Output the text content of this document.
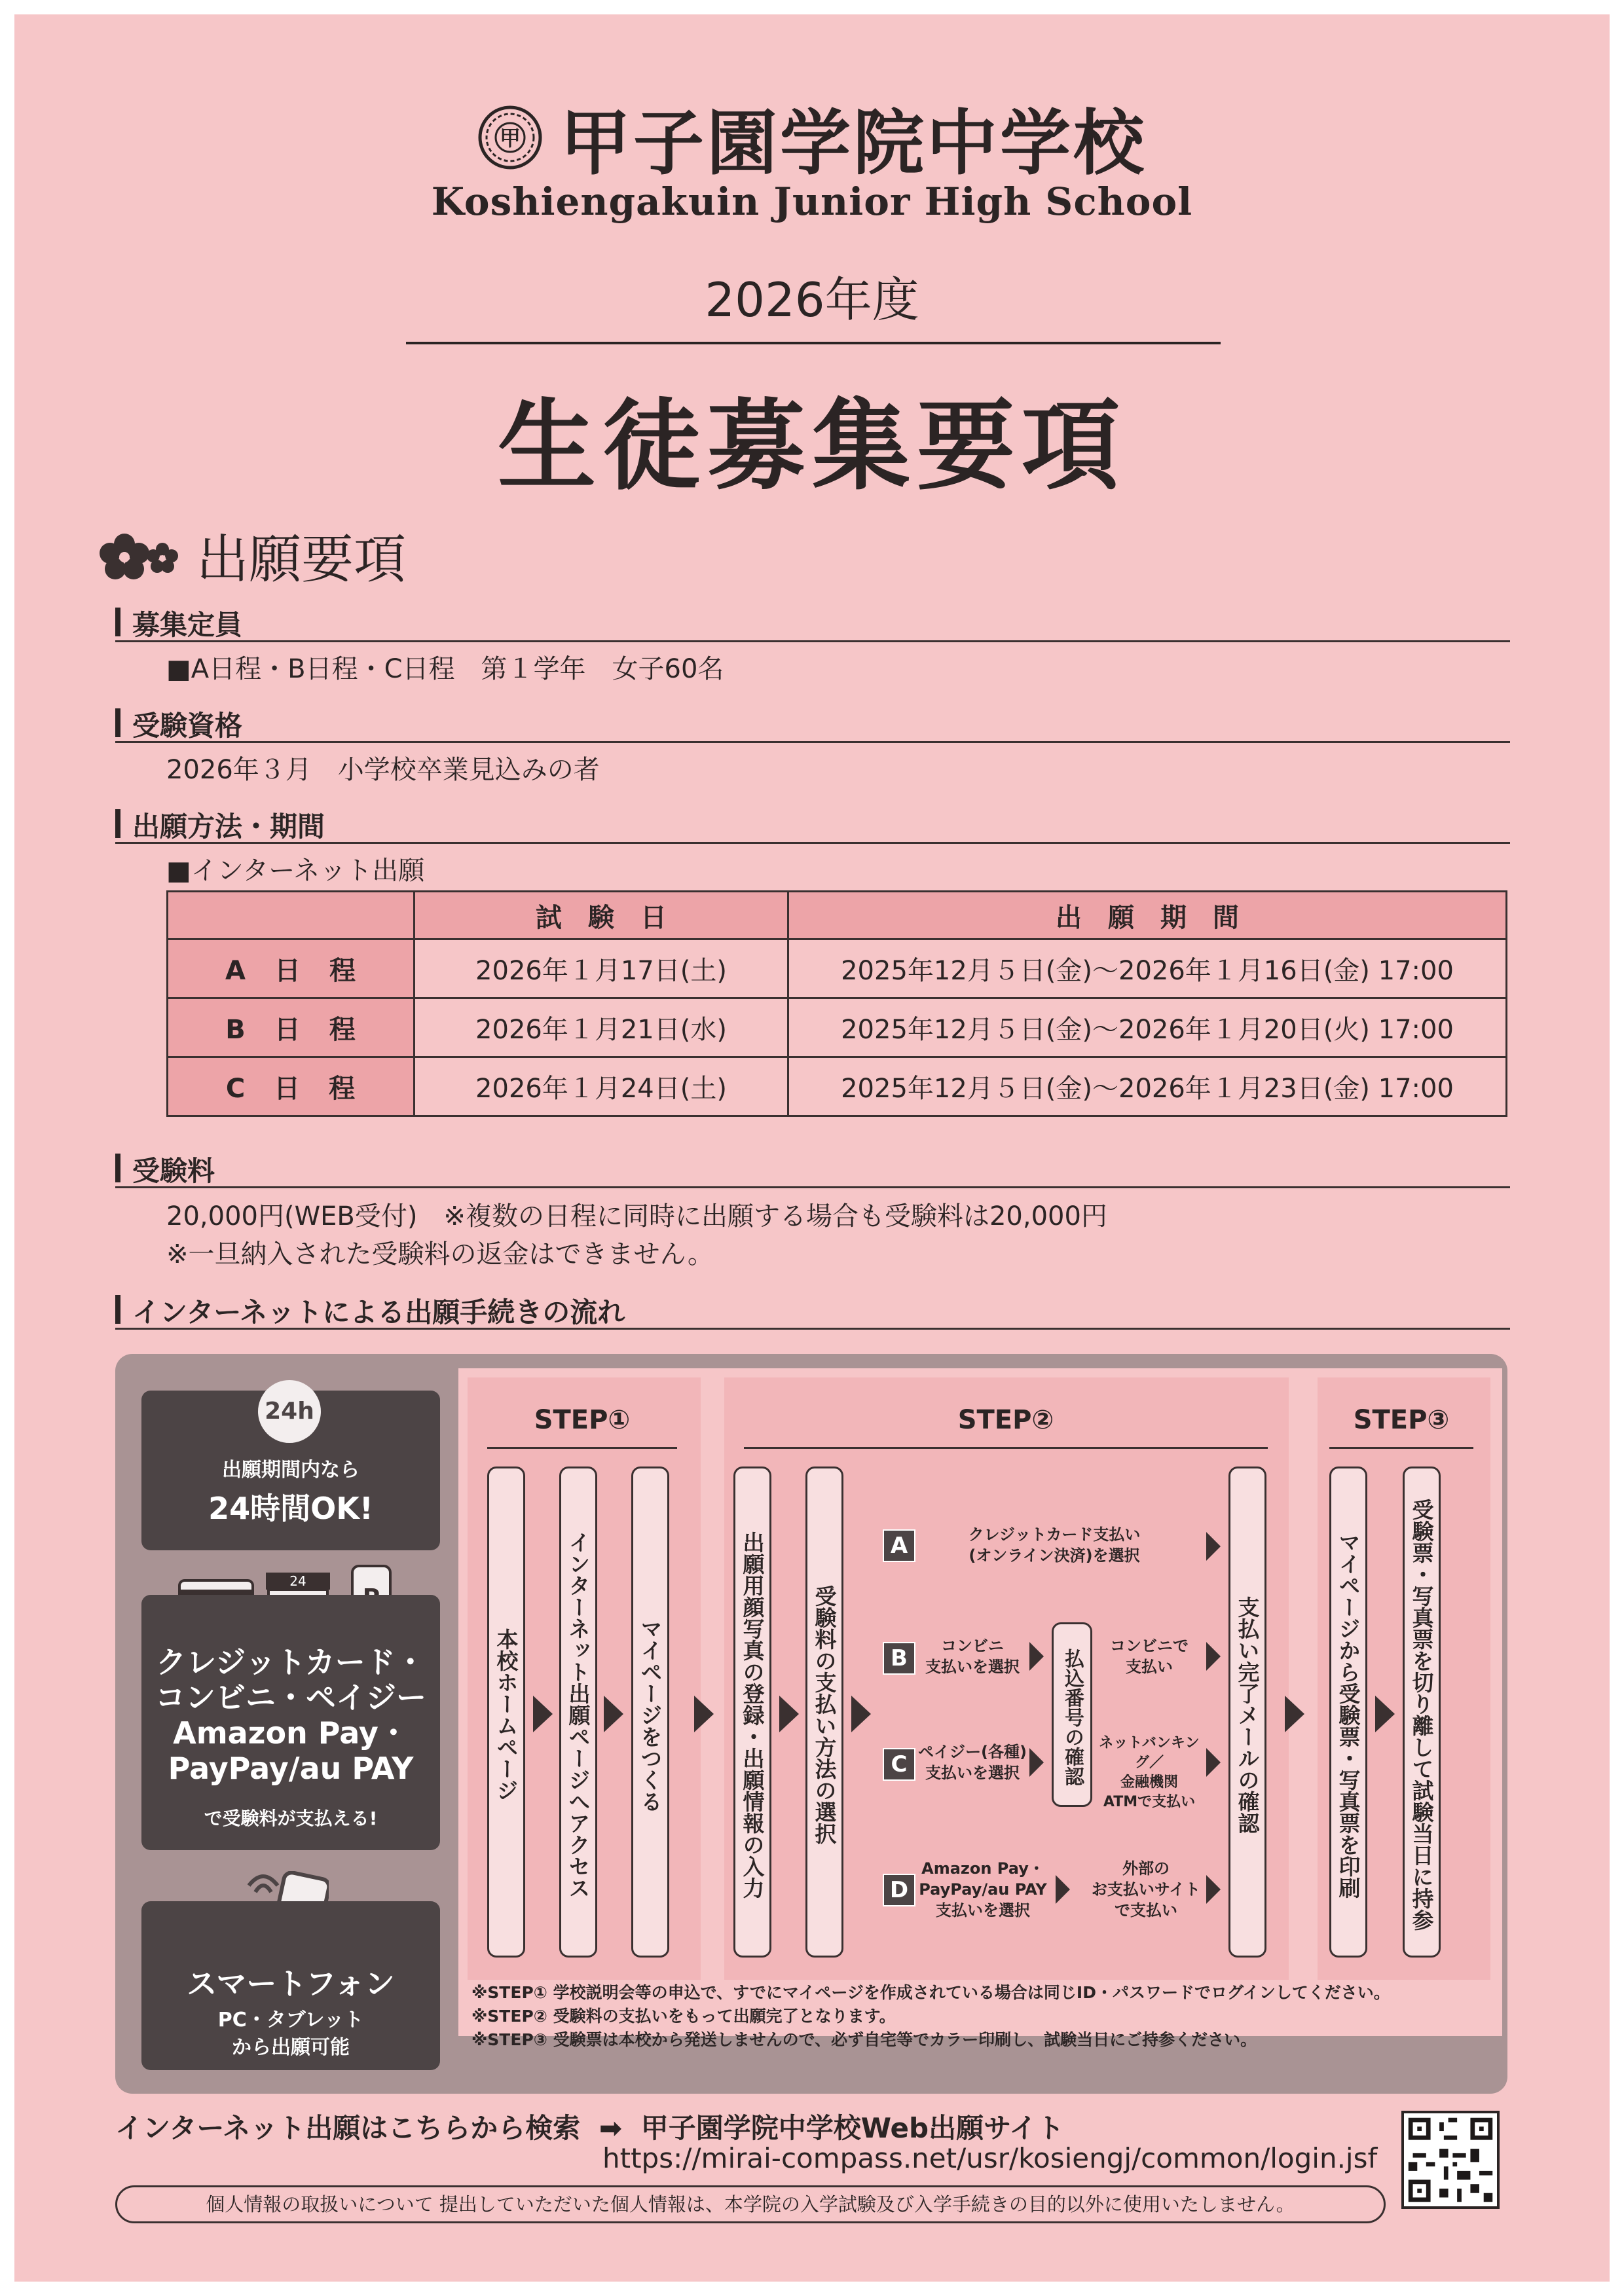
甲 甲子園学院中学校
Koshiengakuin Junior High School
2026年度
生徒募集要項
出願要項
募集定員
■A日程・B日程・C日程　第１学年　女子60名
受験資格
2026年３月　小学校卒業見込みの者
出願方法・期間
■インターネット出願
	試　験　日	出　願　期　間
A日程	2026年１月17日(土)	2025年12月５日(金)〜2026年１月16日(金) 17:00
B日程	2026年１月21日(水)	2025年12月５日(金)〜2026年１月20日(火) 17:00
C日程	2026年１月24日(土)	2025年12月５日(金)〜2026年１月23日(金) 17:00
受験料
20,000円(WEB受付)　※複数の日程に同時に出願する場合も受験料は20,000円
※一旦納入された受験料の返金はできません。
インターネットによる出願手続きの流れ
24h
出願期間内なら
24時間OK!
24
クレジットカード・
コンビニ・ペイジー
Amazon Pay・
PayPay/au PAY
で受験料が支払える!
スマートフォン
PC・タブレット
から出願可能
STEP①	STEP②	STEP③
本校ホームページ インターネット出願ページへアクセス マイページをつくる	出願用顔写真の登録・出願情報の入力 受験料の支払い方法の選択
A	クレジットカード支払い
(オンライン決済)を選択
B	コンビニ
支払いを選択
コンビニで
支払い
払込番号の確認
C ペイジー(各種)
支払いを選択
ネットバンキング／
金融機関
ATMで支払い
D
Amazon Pay・
PayPay/au PAY
支払いを選択
外部の
お支払いサイト
で支払い
支払い完了メールの確認	マイページから受験票・写真票を印刷 受験票・写真票を切り離して試験当日に持参
※STEP① 学校説明会等の申込で、すでにマイページを作成されている場合は同じID・パスワードでログインしてください。
※STEP② 受験料の支払いをもって出願完了となります。
※STEP③ 受験票は本校から発送しませんので、必ず自宅等でカラー印刷し、試験当日にご持参ください。
インターネット出願はこちらから検索 ➡ 甲子園学院中学校Web出願サイト
https://mirai-compass.net/usr/kosiengj/common/login.jsf
個人情報の取扱いについて 提出していただいた個人情報は、本学院の入学試験及び入学手続きの目的以外に使用いたしません。
